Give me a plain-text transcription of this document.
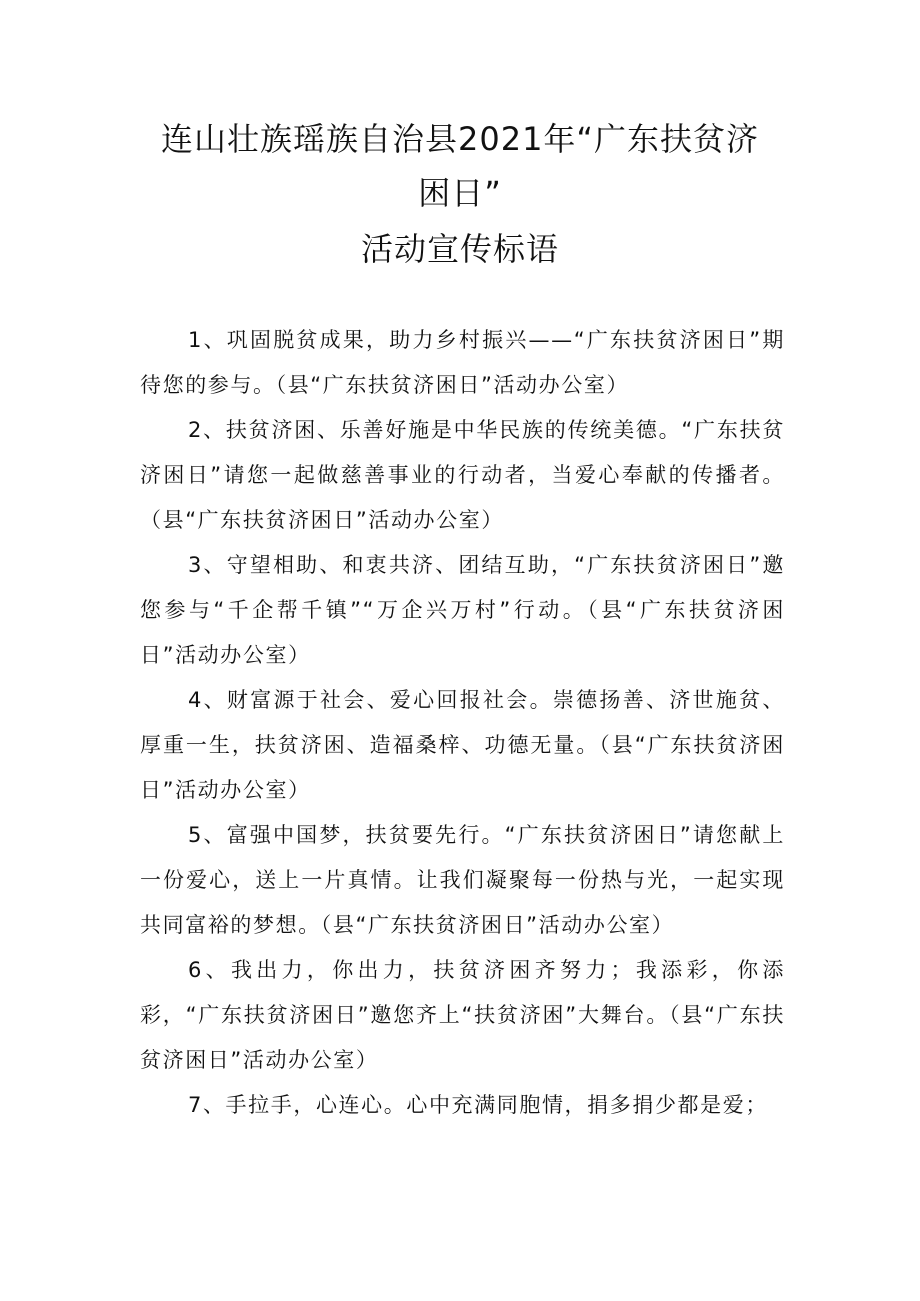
连山壮族瑶族自治县2021年“广东扶贫济
困日”
活动宣传标语

1、巩固脱贫成果，助力乡村振兴——“广东扶贫济困日”期待您的参与。（县“广东扶贫济困日”活动办公室）

2、扶贫济困、乐善好施是中华民族的传统美德。“广东扶贫济困日”请您一起做慈善事业的行动者，当爱心奉献的传播者。（县“广东扶贫济困日”活动办公室）

3、守望相助、和衷共济、团结互助，“广东扶贫济困日”邀您参与“千企帮千镇”“万企兴万村”行动。（县“广东扶贫济困日”活动办公室）

4、财富源于社会、爱心回报社会。崇德扬善、济世施贫、厚重一生，扶贫济困、造福桑梓、功德无量。（县“广东扶贫济困日”活动办公室）

5、富强中国梦，扶贫要先行。“广东扶贫济困日”请您献上一份爱心，送上一片真情。让我们凝聚每一份热与光，一起实现共同富裕的梦想。（县“广东扶贫济困日”活动办公室）

6、我出力，你出力，扶贫济困齐努力；我添彩，你添彩，“广东扶贫济困日”邀您齐上“扶贫济困”大舞台。（县“广东扶贫济困日”活动办公室）

7、手拉手，心连心。心中充满同胞情，捐多捐少都是爱；
